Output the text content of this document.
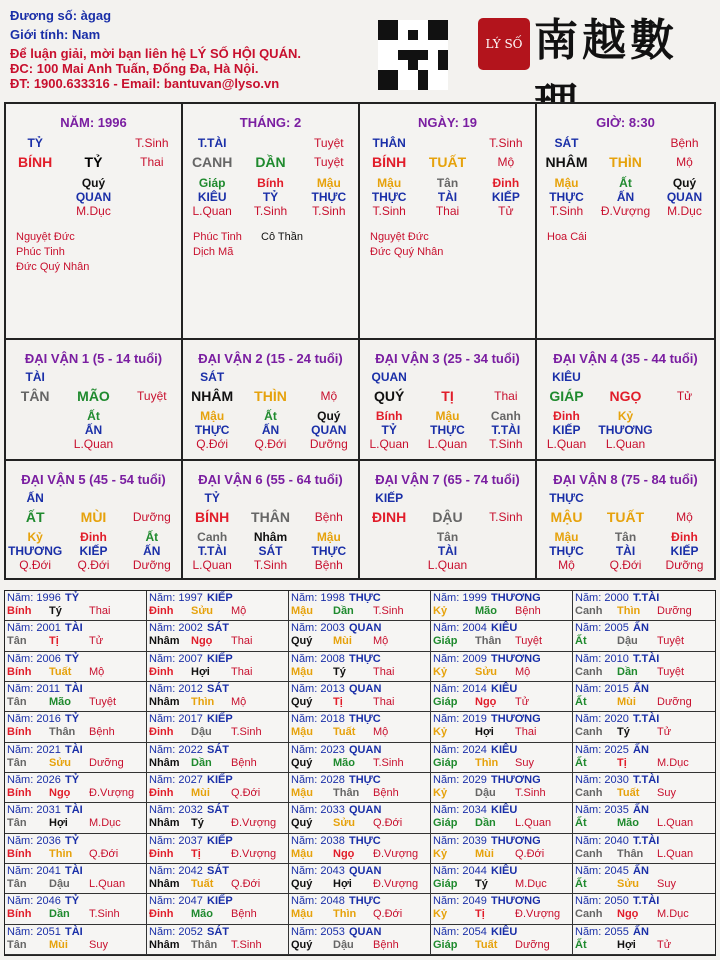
Đương số: àgag
Giới tính: Nam
Để luận giải, mời bạn liên hệ LÝ SỐ HỘI QUÁN.
ĐC: 100 Mai Anh Tuấn, Đống Đa, Hà Nội.
ĐT: 1900.633316 - Email: bantuvan@lyso.vn
LÝ SỐ 南越數
NĂM: 1996
TỶ	T.Sinh
BÍNH	TỶ	Thai
Quý
QUAN
M.Dục
Nguyệt Đức
Phúc Tinh
Đức Quý Nhân
THÁNG: 2
T.TÀI	Tuyệt
CANH	DẦN	Tuyệt
Giáp	Bính	Mậu
KIÊU	TỶ	THỰC
L.Quan	T.Sinh	T.Sinh
Phúc Tinh
Dịch Mã
Cô Thần
NGÀY: 19
THÂN	T.Sinh
BÍNH	TUẤT	Mộ
Mậu	Tân	Đinh
THỰC	TÀI	KIẾP
T.Sinh	Thai	Tử
Nguyệt Đức
Đức Quý Nhân
GIỜ: 8:30
SÁT	Bệnh
NHÂM	THÌN	Mộ
Mậu	Ất	Quý
THỰC	ẤN	QUAN
T.Sinh	Đ.Vượng	M.Dục
Hoa Cái
ĐẠI VẬN 1 (5 - 14 tuổi)
TÀI
TÂN	MÃO	Tuyệt
Ất
ẤN
L.Quan
ĐẠI VẬN 2 (15 - 24 tuổi)
SÁT
NHÂM	THÌN	Mộ
Mậu	Ất	Quý
THỰC	ẤN	QUAN
Q.Đới	Q.Đới	Dưỡng
ĐẠI VẬN 3 (25 - 34 tuổi)
QUAN
QUÝ	TỊ	Thai
Bính	Mậu	Canh
TỶ	THỰC	T.TÀI
L.Quan	L.Quan	T.Sinh
ĐẠI VẬN 4 (35 - 44 tuổi)
KIÊU
GIÁP	NGỌ	Tử
Đinh	Kỷ
KIẾP	THƯƠNG
L.Quan	L.Quan
ĐẠI VẬN 5 (45 - 54 tuổi)
ẤN
ẤT	MÙI	Dưỡng
Kỷ	Đinh	Ất
THƯƠNG	KIẾP	ẤN
Q.Đới	Q.Đới	Dưỡng
ĐẠI VẬN 6 (55 - 64 tuổi)
TỶ
BÍNH	THÂN	Bệnh
Canh	Nhâm	Mậu
T.TÀI	SÁT	THỰC
L.Quan	T.Sinh	Bệnh
ĐẠI VẬN 7 (65 - 74 tuổi)
KIẾP
ĐINH	DẬU	T.Sinh
Tân
TÀI
L.Quan
ĐẠI VẬN 8 (75 - 84 tuổi)
THỰC
MẬU	TUẤT	Mộ
Mậu	Tân	Đinh
THỰC	TÀI	KIẾP
Mộ	Q.Đới	Dưỡng
Năm: 1996 TỶ
Bính	Tý	Thai
Năm: 1997 KIẾP
Đinh	Sửu	Mộ
Năm: 1998 THỰC
Mậu	Dần	T.Sinh
Năm: 1999 THƯƠNG
Kỷ	Mão	Bệnh
Năm: 2000 T.TÀI
Canh	Thìn	Dưỡng
Năm: 2001 TÀI
Tân	Tị	Tử
Năm: 2002 SÁT
Nhâm	Ngọ	Thai
Năm: 2003 QUAN
Quý	Mùi	Mộ
Năm: 2004 KIÊU
Giáp	Thân	Tuyệt
Năm: 2005 ẤN
Ất	Dậu	Tuyệt
Năm: 2006 TỶ
Bính	Tuất	Mộ
Năm: 2007 KIẾP
Đinh	Hợi	Thai
Năm: 2008 THỰC
Mậu	Tý	Thai
Năm: 2009 THƯƠNG
Kỷ	Sửu	Mộ
Năm: 2010 T.TÀI
Canh	Dần	Tuyệt
Năm: 2011 TÀI
Tân	Mão	Tuyệt
Năm: 2012 SÁT
Nhâm	Thìn	Mộ
Năm: 2013 QUAN
Quý	Tị	Thai
Năm: 2014 KIÊU
Giáp	Ngọ	Tử
Năm: 2015 ẤN
Ất	Mùi	Dưỡng
Năm: 2016 TỶ
Bính	Thân	Bệnh
Năm: 2017 KIẾP
Đinh	Dậu	T.Sinh
Năm: 2018 THỰC
Mậu	Tuất	Mộ
Năm: 2019 THƯƠNG
Kỷ	Hợi	Thai
Năm: 2020 T.TÀI
Canh	Tý	Tử
Năm: 2021 TÀI
Tân	Sửu	Dưỡng
Năm: 2022 SÁT
Nhâm	Dần	Bệnh
Năm: 2023 QUAN
Quý	Mão	T.Sinh
Năm: 2024 KIÊU
Giáp	Thìn	Suy
Năm: 2025 ẤN
Ất	Tị	M.Dục
Năm: 2026 TỶ
Bính	Ngọ	Đ.Vượng
Năm: 2027 KIẾP
Đinh	Mùi	Q.Đới
Năm: 2028 THỰC
Mậu	Thân	Bệnh
Năm: 2029 THƯƠNG
Kỷ	Dậu	T.Sinh
Năm: 2030 T.TÀI
Canh	Tuất	Suy
Năm: 2031 TÀI
Tân	Hợi	M.Dục
Năm: 2032 SÁT
Nhâm	Tý	Đ.Vượng
Năm: 2033 QUAN
Quý	Sửu	Q.Đới
Năm: 2034 KIÊU
Giáp	Dần	L.Quan
Năm: 2035 ẤN
Ất	Mão	L.Quan
Năm: 2036 TỶ
Bính	Thìn	Q.Đới
Năm: 2037 KIẾP
Đinh	Tị	Đ.Vượng
Năm: 2038 THỰC
Mậu	Ngọ	Đ.Vượng
Năm: 2039 THƯƠNG
Kỷ	Mùi	Q.Đới
Năm: 2040 T.TÀI
Canh	Thân	L.Quan
Năm: 2041 TÀI
Tân	Dậu	L.Quan
Năm: 2042 SÁT
Nhâm	Tuất	Q.Đới
Năm: 2043 QUAN
Quý	Hợi	Đ.Vượng
Năm: 2044 KIÊU
Giáp	Tý	M.Dục
Năm: 2045 ẤN
Ất	Sửu	Suy
Năm: 2046 TỶ
Bính	Dần	T.Sinh
Năm: 2047 KIẾP
Đinh	Mão	Bệnh
Năm: 2048 THỰC
Mậu	Thìn	Q.Đới
Năm: 2049 THƯƠNG
Kỷ	Tị	Đ.Vượng
Năm: 2050 T.TÀI
Canh	Ngọ	M.Dục
Năm: 2051 TÀI
Tân	Mùi	Suy
Năm: 2052 SÁT
Nhâm	Thân	T.Sinh
Năm: 2053 QUAN
Quý	Dậu	Bệnh
Năm: 2054 KIÊU
Giáp	Tuất	Dưỡng
Năm: 2055 ẤN
Ất	Hợi	Tử
